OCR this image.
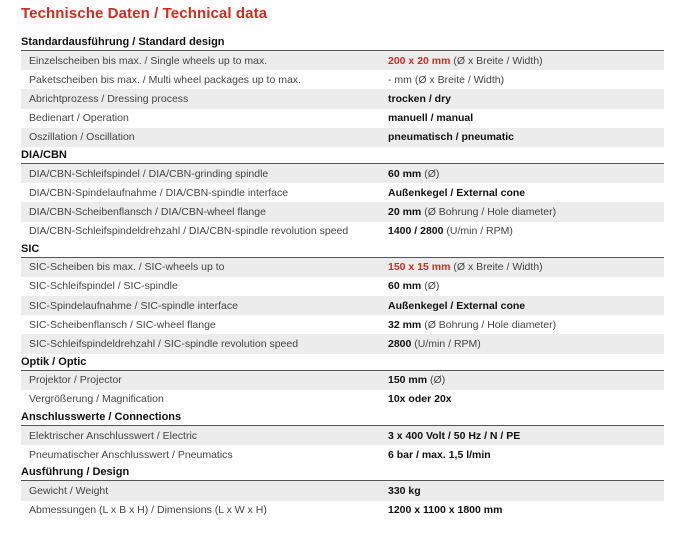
Technische Daten / Technical data
Standardausführung / Standard design
Einzelscheiben bis max. / Single wheels up to max.	200 x 20 mm (Ø x Breite / Width)
Paketscheiben bis max. / Multi wheel packages up to max.	- mm (Ø x Breite / Width)
Abrichtprozess / Dressing process	trocken / dry
Bedienart / Operation	manuell / manual
Oszillation / Oscillation	pneumatisch / pneumatic
DIA/CBN
DIA/CBN-Schleifspindel / DIA/CBN-grinding spindle	60 mm (Ø)
DIA/CBN-Spindelaufnahme / DIA/CBN-spindle interface	Außenkegel / External cone
DIA/CBN-Scheibenflansch / DIA/CBN-wheel flange	20 mm (Ø Bohrung / Hole diameter)
DIA/CBN-Schleifspindeldrehzahl / DIA/CBN-spindle revolution speed	1400 / 2800 (U/min / RPM)
SIC
SIC-Scheiben bis max. / SIC-wheels up to	150 x 15 mm (Ø x Breite / Width)
SIC-Schleifspindel / SIC-spindle	60 mm (Ø)
SIC-Spindelaufnahme / SIC-spindle interface	Außenkegel / External cone
SIC-Scheibenflansch / SIC-wheel flange	32 mm (Ø Bohrung / Hole diameter)
SIC-Schleifspindeldrehzahl / SIC-spindle revolution speed	2800 (U/min / RPM)
Optik / Optic
Projektor / Projector	150 mm (Ø)
Vergrößerung / Magnification	10x oder 20x
Anschlusswerte / Connections
Elektrischer Anschlusswert / Electric	3 x 400 Volt / 50 Hz / N / PE
Pneumatischer Anschlusswert / Pneumatics	6 bar / max. 1,5 l/min
Ausführung / Design
Gewicht / Weight	330 kg
Abmessungen (L x B x H) / Dimensions (L x W x H)	1200 x 1100 x 1800 mm
